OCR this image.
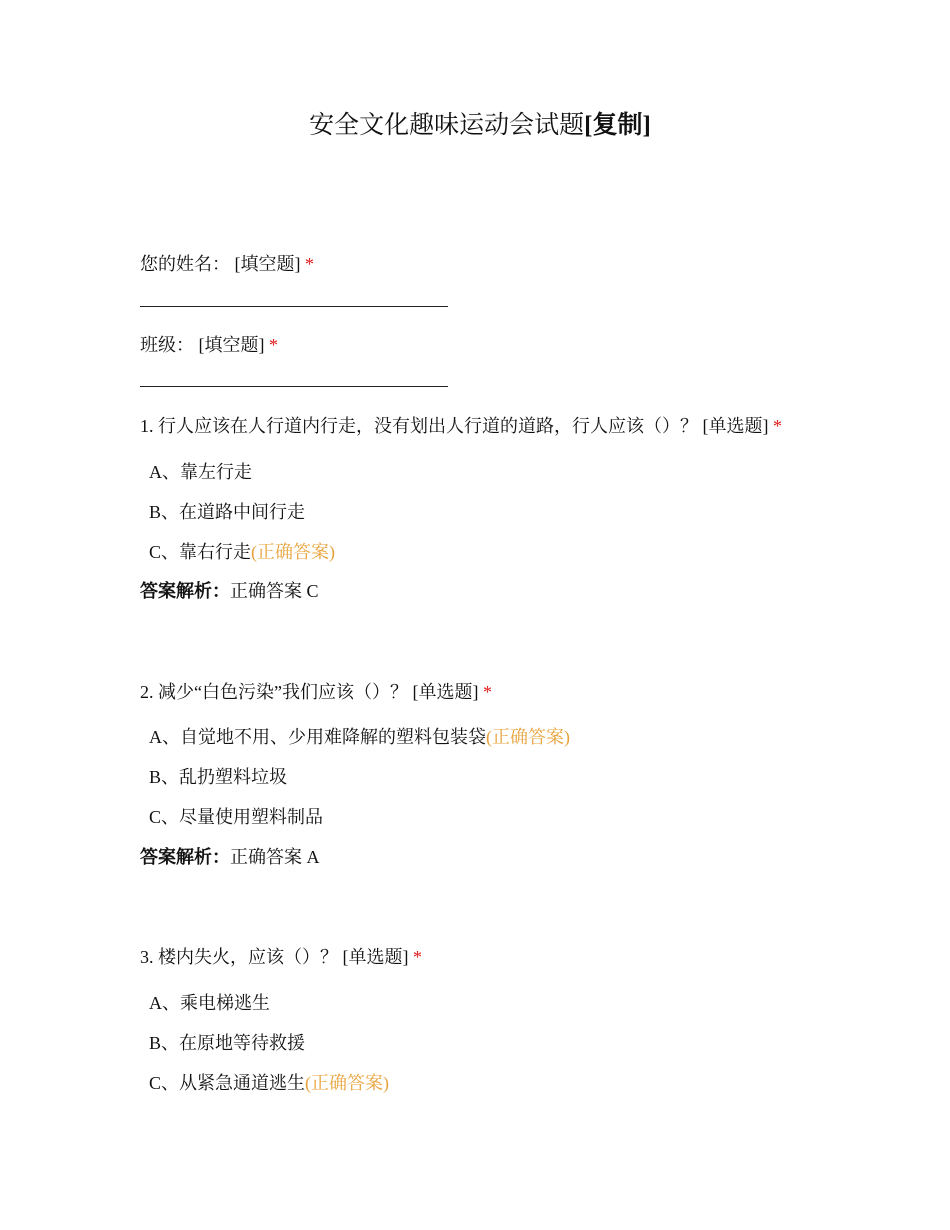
安全文化趣味运动会试题[复制]
您的姓名： [填空题] *
班级： [填空题] *
1. 行人应该在人行道内行走，没有划出人行道的道路，行人应该（）？ [单选题] *
A、靠左行走
B、在道路中间行走
C、靠右行走(正确答案)
答案解析：正确答案 C
2. 减少“白色污染”我们应该（）？ [单选题] *
A、自觉地不用、少用难降解的塑料包装袋(正确答案)
B、乱扔塑料垃圾
C、尽量使用塑料制品
答案解析：正确答案 A
3. 楼内失火，应该（）？ [单选题] *
A、乘电梯逃生
B、在原地等待救援
C、从紧急通道逃生(正确答案)
